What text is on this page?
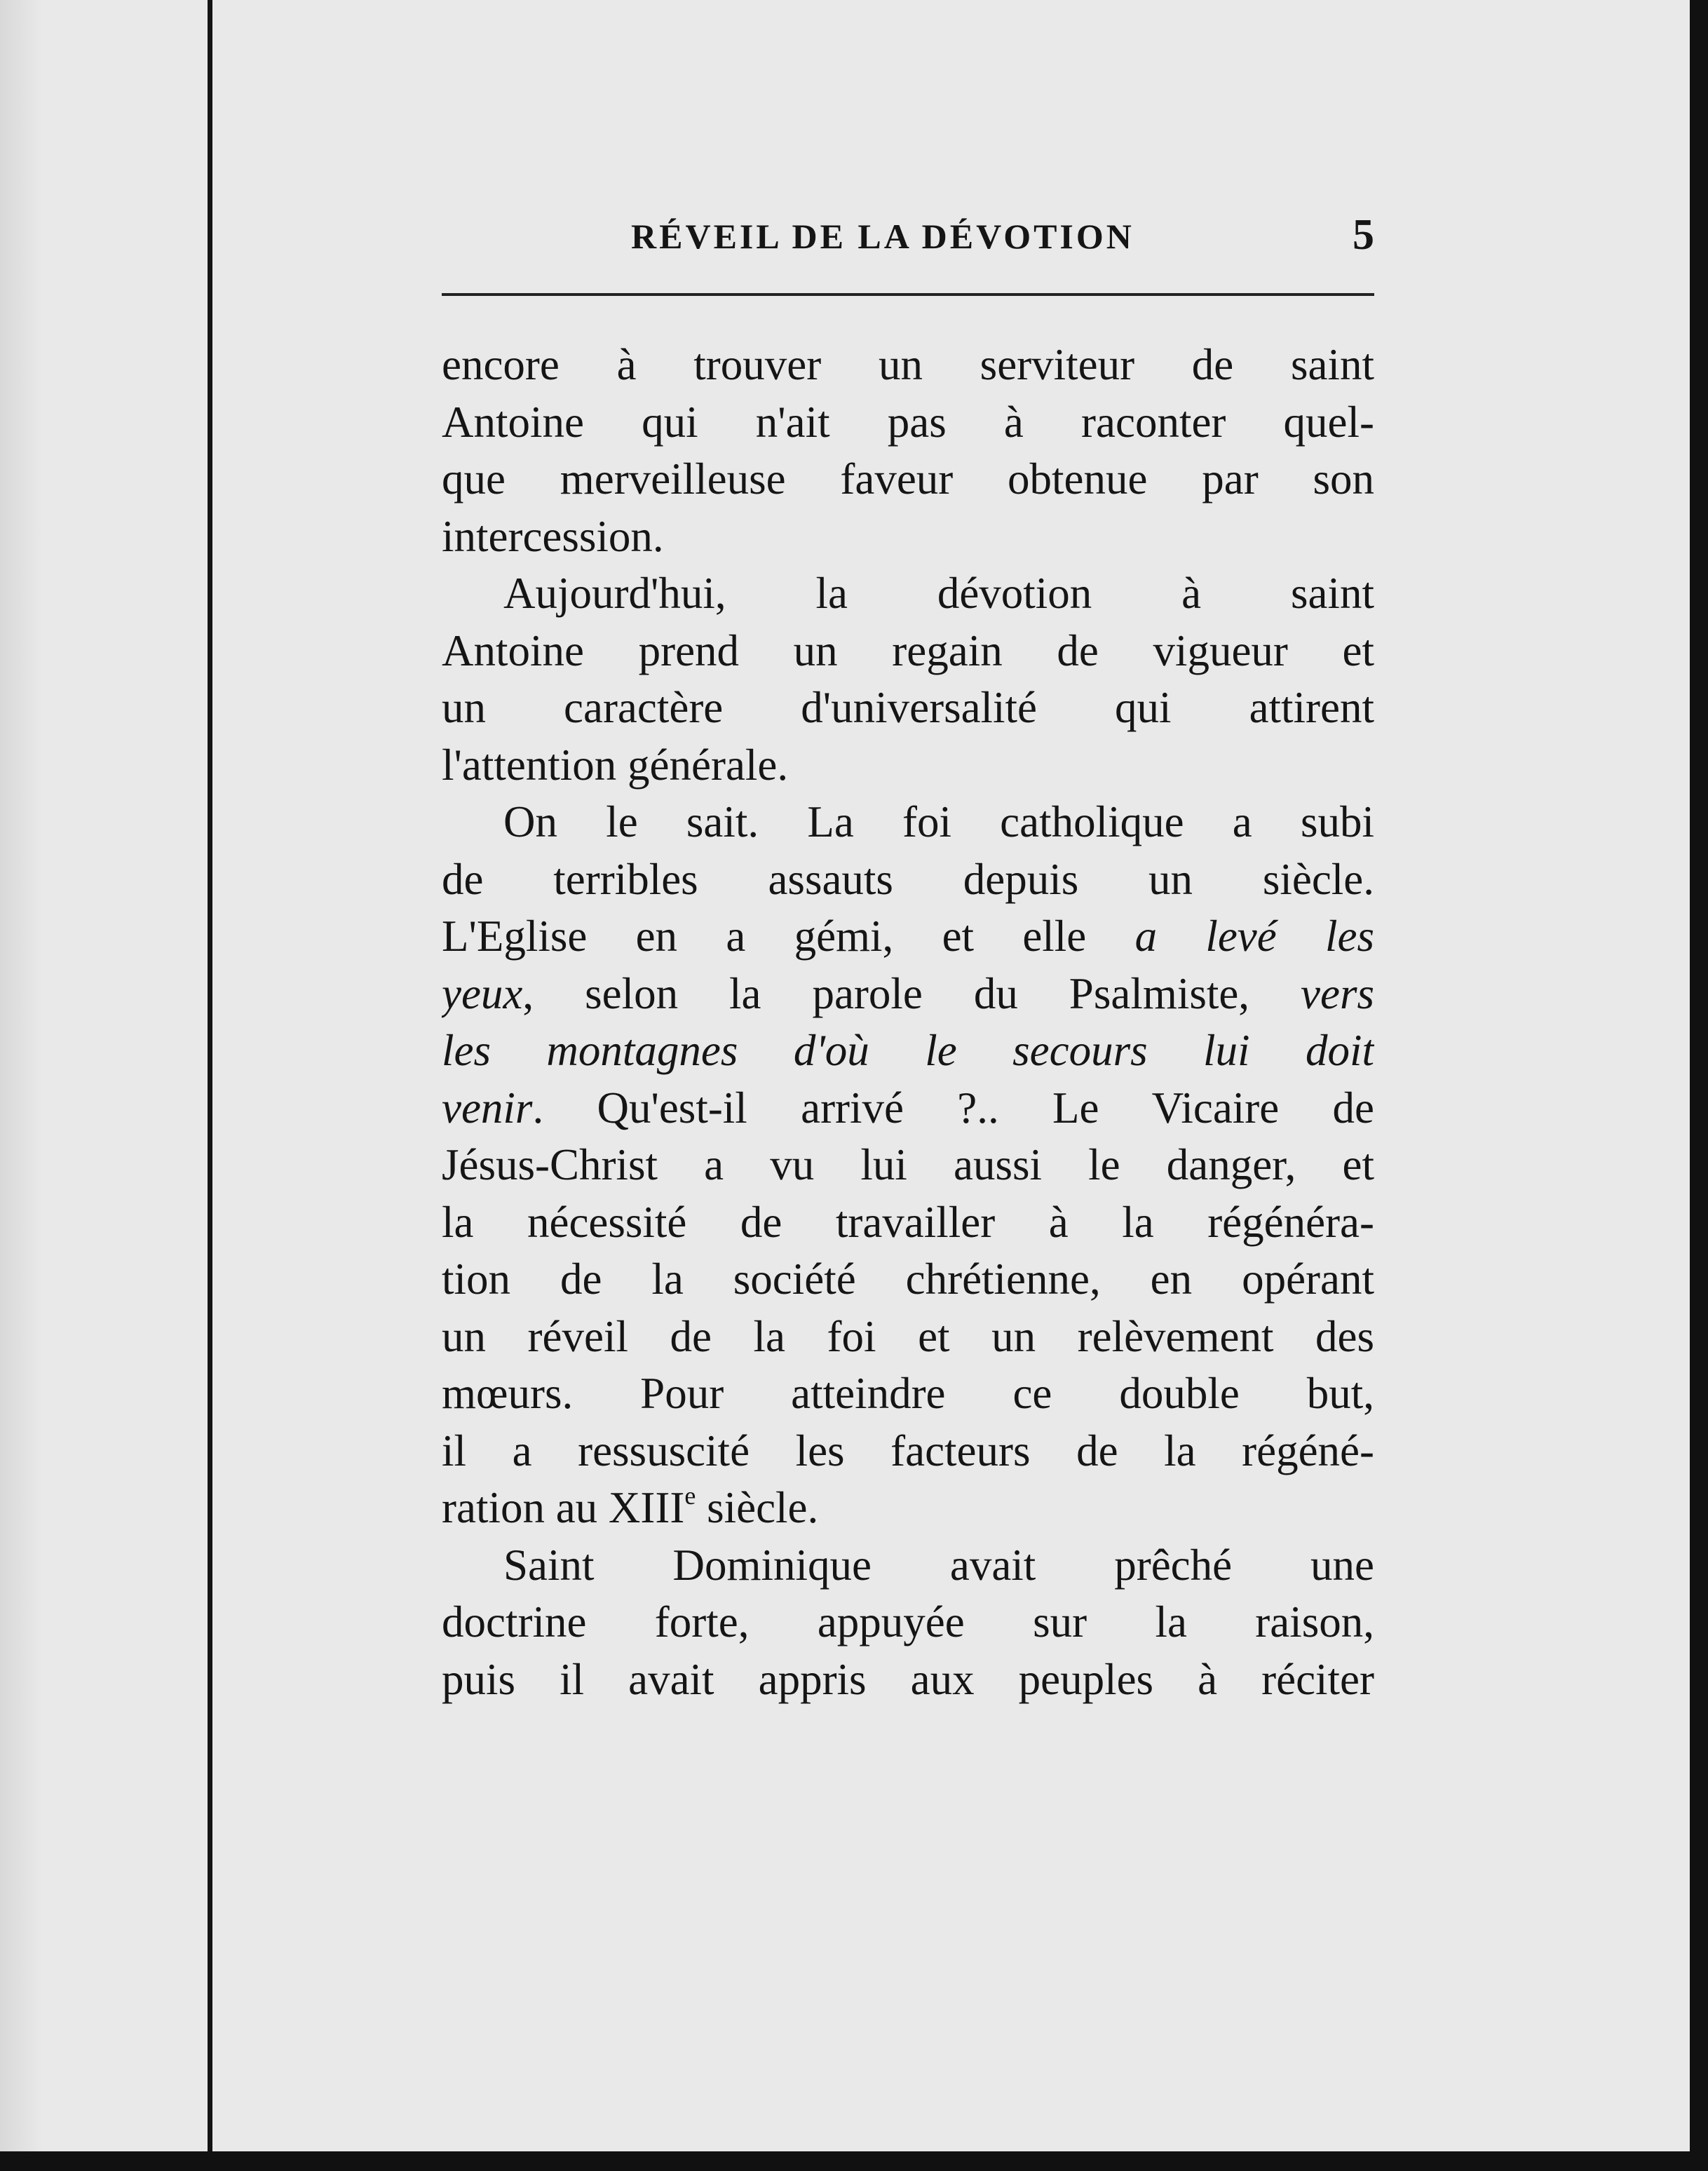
RÉVEIL DE LA DÉVOTION	5
encore à trouver un serviteur de saint
Antoine qui n'ait pas à raconter quel-
que merveilleuse faveur obtenue par son
intercession.
Aujourd'hui, la dévotion à saint
Antoine prend un regain de vigueur et
un caractère d'universalité qui attirent
l'attention générale.
On le sait. La foi catholique a subi
de terribles assauts depuis un siècle.
L'Eglise en a gémi, et elle a levé les
yeux, selon la parole du Psalmiste, vers
les montagnes d'où le secours lui doit
venir. Qu'est-il arrivé ?.. Le Vicaire de
Jésus-Christ a vu lui aussi le danger, et
la nécessité de travailler à la régénéra-
tion de la société chrétienne, en opérant
un réveil de la foi et un relèvement des
mœurs. Pour atteindre ce double but,
il a ressuscité les facteurs de la régéné-
ration au XIIIe siècle.
Saint Dominique avait prêché une
doctrine forte, appuyée sur la raison,
puis il avait appris aux peuples à réciter
